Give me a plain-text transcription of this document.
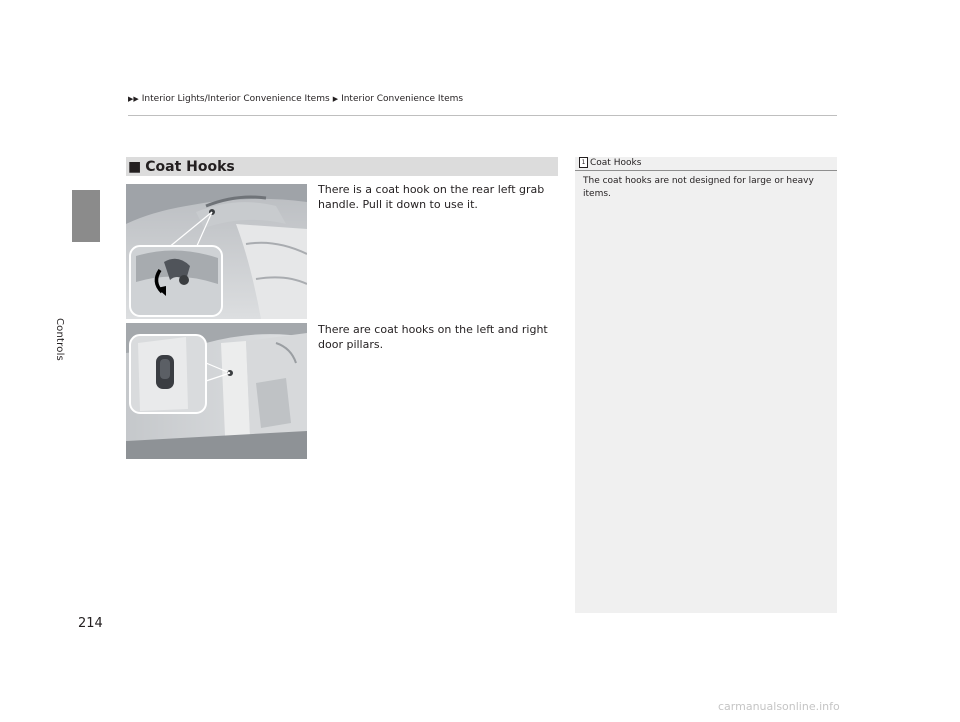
Controls
214
▶▶ Interior Lights/Interior Convenience Items ▶ Interior Convenience Items
■ Coat Hooks
There is a coat hook on the rear left grab handle. Pull it down to use it.
There are coat hooks on the left and right door pillars.
1 Coat Hooks
The coat hooks are not designed for large or heavy items.
carmanualsonline.info
